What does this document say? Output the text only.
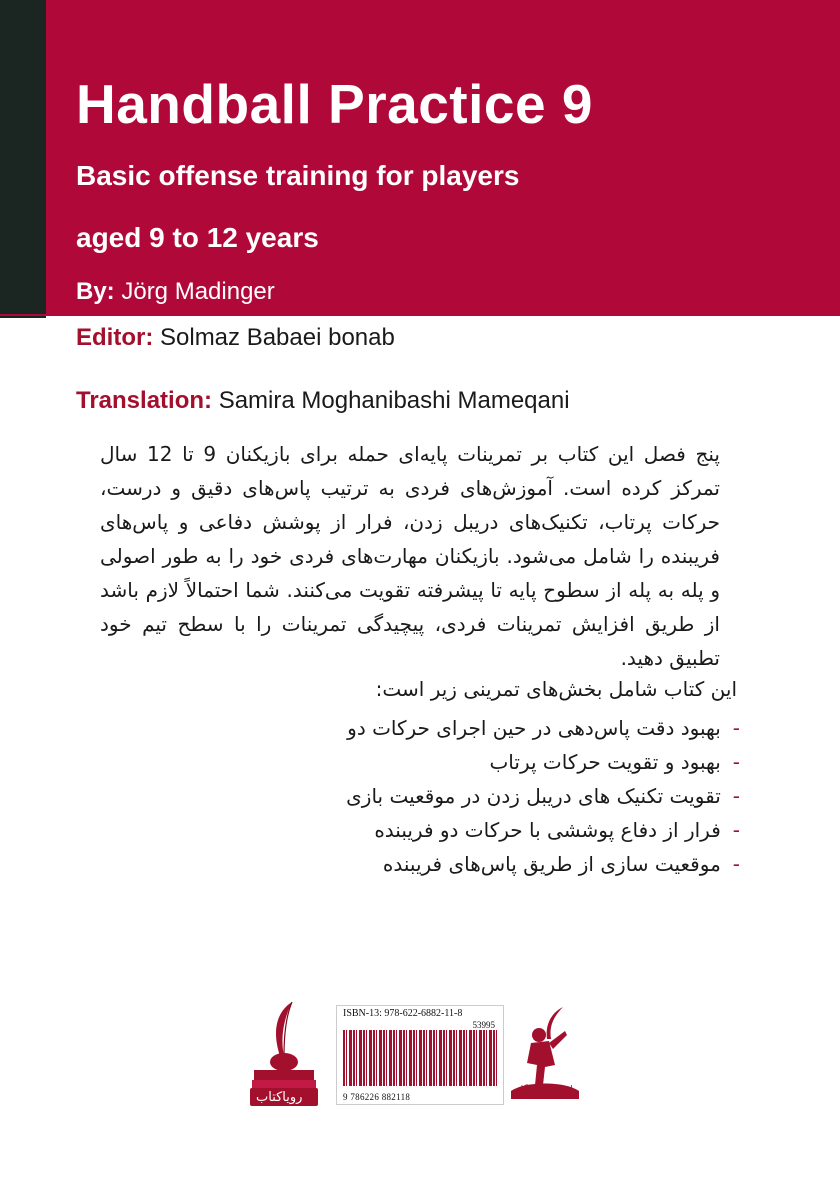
Handball Practice 9
Basic offense training for players
aged 9 to 12 years
By: Jörg Madinger
Editor: Solmaz Babaei bonab
Translation: Samira Moghanibashi Mameqani

پنج فصل این کتاب بر تمرینات پایه‌ای حمله برای بازیکنان 9 تا 12 سال تمرکز کرده است. آموزش‌های فردی به ترتیب پاس‌های دقیق و درست، حرکات پرتاب، تکنیک‌های دریبل زدن، فرار از پوشش دفاعی و پاس‌های فریبنده را شامل می‌شود. بازیکنان مهارت‌های فردی خود را به طور اصولی و پله به پله از سطوح پایه تا پیشرفته تقویت می‌کنند. شما احتمالاً لازم باشد از طریق افزایش تمرینات فردی، پیچیدگی تمرینات را با سطح تیم خود تطبیق دهید.

این کتاب شامل بخش‌های تمرینی زیر است:

-بهبود دقت پاس‌دهی در حین اجرای حرکات دو
-بهبود و تقویت حرکات پرتاب
-تقویت تکنیک های دریبل زدن در موقعیت بازی
-فرار از دفاع پوششی با حرکات دو فریبنده
-موقعیت سازی از طریق پاس‌های فریبنده
رویاکتاب
ISBN-13: 978-622-6882-11-8
53995
9 786226 882118
انتشارات میگلی
